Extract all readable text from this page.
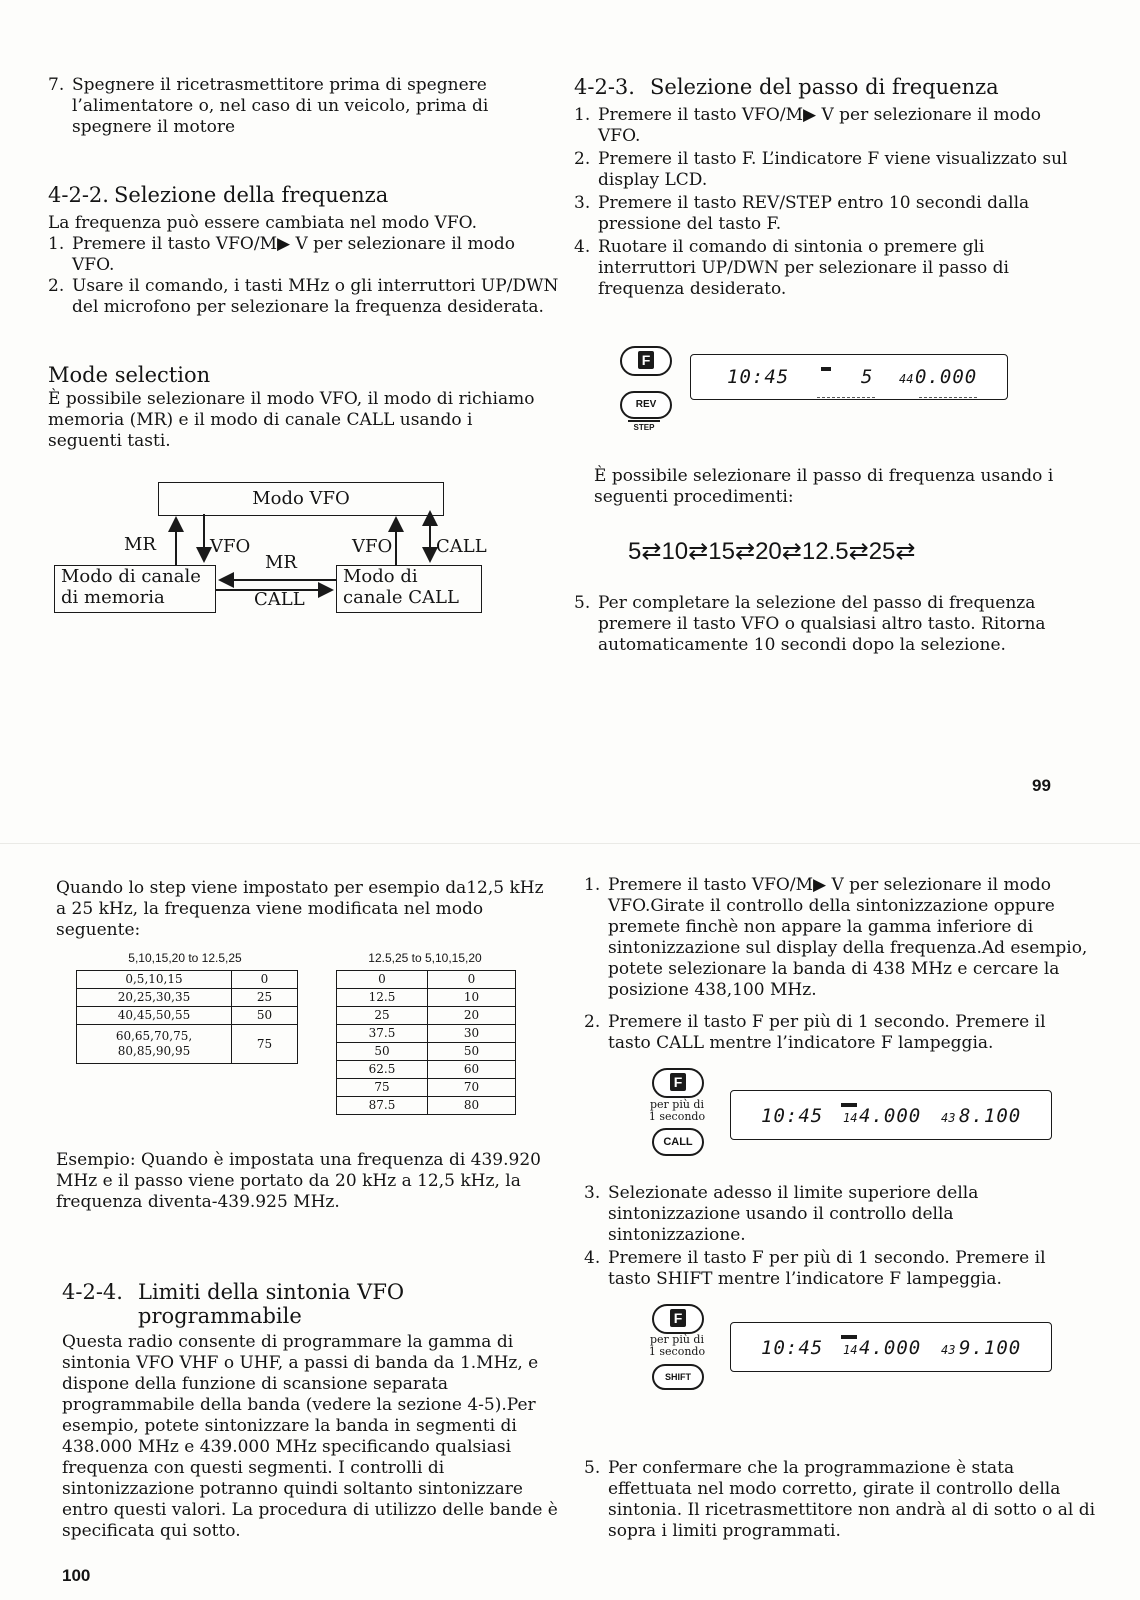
7. Spegnere il ricetrasmettitore prima di spegnere l’alimentatore o, nel caso di un veicolo, prima di spegnere il motore
4-2-2. Selezione della frequenza
La frequenza può essere cambiata nel modo VFO.
1. Premere il tasto VFO/M▶ V per selezionare il modo VFO.
2. Usare il comando, i tasti MHz o gli interruttori UP/DWN del microfono per selezionare la frequenza desiderata.
Mode selection
È possibile selezionare il modo VFO, il modo di richiamo memoria (MR) e il modo di canale CALL usando i seguenti tasti.
Modo VFO
Modo di canale di memoria
Modo di canale CALL
MR	VFO
MR
VFO CALL
CALL
4-2-3. Selezione del passo di frequenza
1. Premere il tasto VFO/M▶ V per selezionare il modo VFO.
2. Premere il tasto F. L’indicatore F viene visualizzato sul display LCD.
3. Premere il tasto REV/STEP entro 10 secondi dalla pressione del tasto F.
4. Ruotare il comando di sintonia o premere gli interruttori UP/DWN per selezionare il passo di frequenza desiderato.
F
REV
STEP
10:45	5 44 0.000
È possibile selezionare il passo di frequenza usando i seguenti procedimenti:
5⇄10⇄15⇄20⇄12.5⇄25⇄
5. Per completare la selezione del passo di frequenza premere il tasto VFO o qualsiasi altro tasto. Ritorna automaticamente 10 secondi dopo la selezione.
99
Quando lo step viene impostato per esempio da12,5 kHz a 25 kHz, la frequenza viene modificata nel modo seguente:
5,10,15,20 to 12.5,25
0,5,10,15	0
20,25,30,35	25
40,45,50,55	50
60,65,70,75, 80,85,90,95	75
12.5,25 to 5,10,15,20
0	0
12.5	10
25	20
37.5	30
50	50
62.5	60
75	70
87.5	80
Esempio: Quando è impostata una frequenza di 439.920 MHz e il passo viene portato da 20 kHz a 12,5 kHz, la frequenza diventa-439.925 MHz.
4-2-4. Limiti della sintonia VFO
programmabile
Questa radio consente di programmare la gamma di sintonia VFO VHF o UHF, a passi di banda da 1.MHz, e dispone della funzione di scansione separata programmabile della banda (vedere la sezione 4-5).Per esempio, potete sintonizzare la banda in segmenti di 438.000 MHz e 439.000 MHz specificando qualsiasi frequenza con questi segmenti. I controlli di sintonizzazione potranno quindi soltanto sintonizzare entro questi valori. La procedura di utilizzo delle bande è specificata qui sotto.
100
1. Premere il tasto VFO/M▶ V per selezionare il modo VFO.Girate il controllo della sintonizzazione oppure premete finchè non appare la gamma inferiore di sintonizzazione sul display della frequenza.Ad esempio, potete selezionare la banda di 438 MHz e cercare la posizione 438,100 MHz.
2. Premere il tasto F per più di 1 secondo. Premere il tasto CALL mentre l’indicatore F lampeggia.
F
per più di 1 secondo
CALL
10:45 14 4.000 43 8.100
3. Selezionate adesso il limite superiore della sintonizzazione usando il controllo della sintonizzazione.
4. Premere il tasto F per più di 1 secondo. Premere il tasto SHIFT mentre l’indicatore F lampeggia.
F
per più di 1 secondo
SHIFT
10:45 14 4.000 43 9.100
5. Per confermare che la programmazione è stata effettuata nel modo corretto, girate il controllo della sintonia. Il ricetrasmettitore non andrà al di sotto o al di sopra i limiti programmati.
